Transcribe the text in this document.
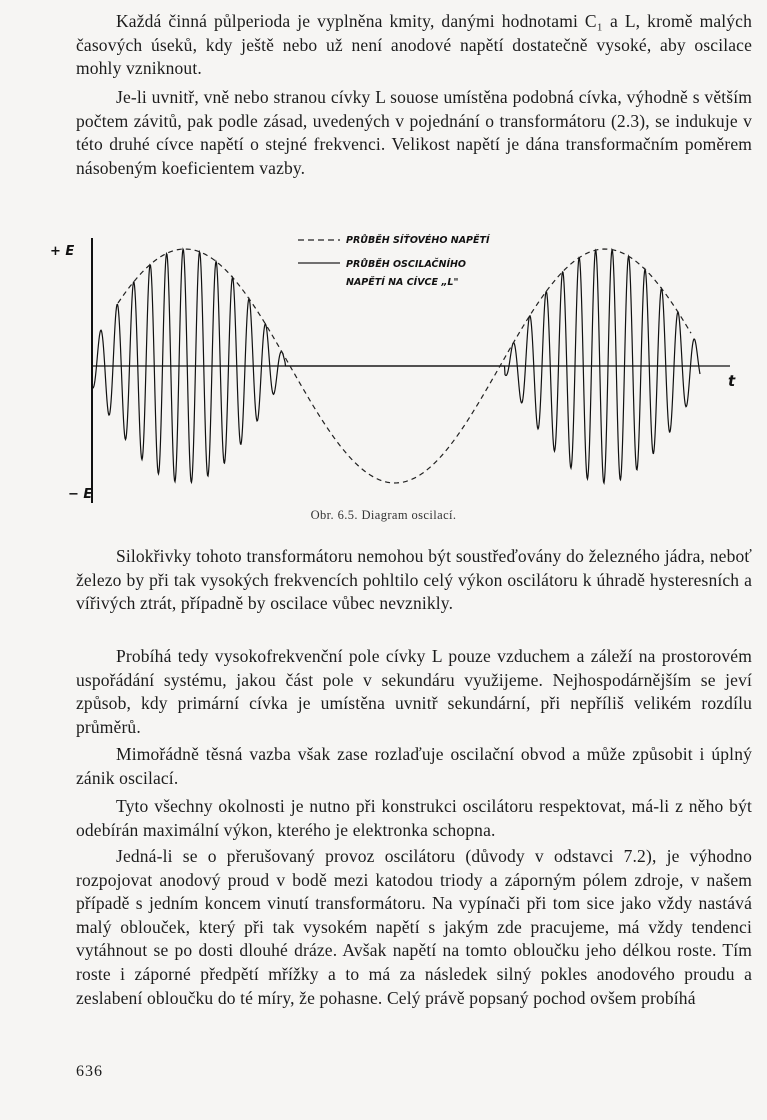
Každá činná půlperioda je vyplněna kmity, danými hodnotami C₁ a L, kromě malých časových úseků, kdy ještě nebo už není anodové napětí dostatečně vysoké, aby oscilace mohly vzniknout.

Je-li uvnitř, vně nebo stranou cívky L souose umístěna podobná cívka, výhodně s větším počtem závitů, pak podle zásad, uvedených v pojednání o transformátoru (2.3), se indukuje v této druhé cívce napětí o stejné frekvenci. Velikost napětí je dána transformačním poměrem násobeným koeficientem vazby.

+ E
− E
t
PRŮBĚH SÍŤOVÉHO NAPĚTÍ
PRŮBĚH OSCILAČNÍHO
NAPĚTÍ NA CÍVCE „L"
Obr. 6.5. Diagram oscilací.

Silokřivky tohoto transformátoru nemohou být soustřeďovány do železného jádra, neboť železo by při tak vysokých frekvencích pohltilo celý výkon oscilátoru k úhradě hysteresních a vířivých ztrát, případně by oscilace vůbec nevznikly.

Probíhá tedy vysokofrekvenční pole cívky L pouze vzduchem a záleží na prostorovém uspořádání systému, jakou část pole v sekundáru využijeme. Nejhospodárnějším se jeví způsob, kdy primární cívka je umístěna uvnitř sekundární, při nepříliš velikém rozdílu průměrů.

Mimořádně těsná vazba však zase rozlaďuje oscilační obvod a může způsobit i úplný zánik oscilací.

Tyto všechny okolnosti je nutno při konstrukci oscilátoru respektovat, má-li z něho být odebírán maximální výkon, kterého je elektronka schopna.

Jedná-li se o přerušovaný provoz oscilátoru (důvody v odstavci 7.2), je výhodno rozpojovat anodový proud v bodě mezi katodou triody a záporným pólem zdroje, v našem případě s jedním koncem vinutí transformátoru. Na vypínači při tom sice jako vždy nastává malý oblouček, který při tak vysokém napětí s jakým zde pracujeme, má vždy tendenci vytáhnout se po dosti dlouhé dráze. Avšak napětí na tomto obloučku jeho délkou roste. Tím roste i záporné předpětí mřížky a to má za následek silný pokles anodového proudu a zeslabení obloučku do té míry, že pohasne. Celý právě popsaný pochod ovšem probíhá

636
